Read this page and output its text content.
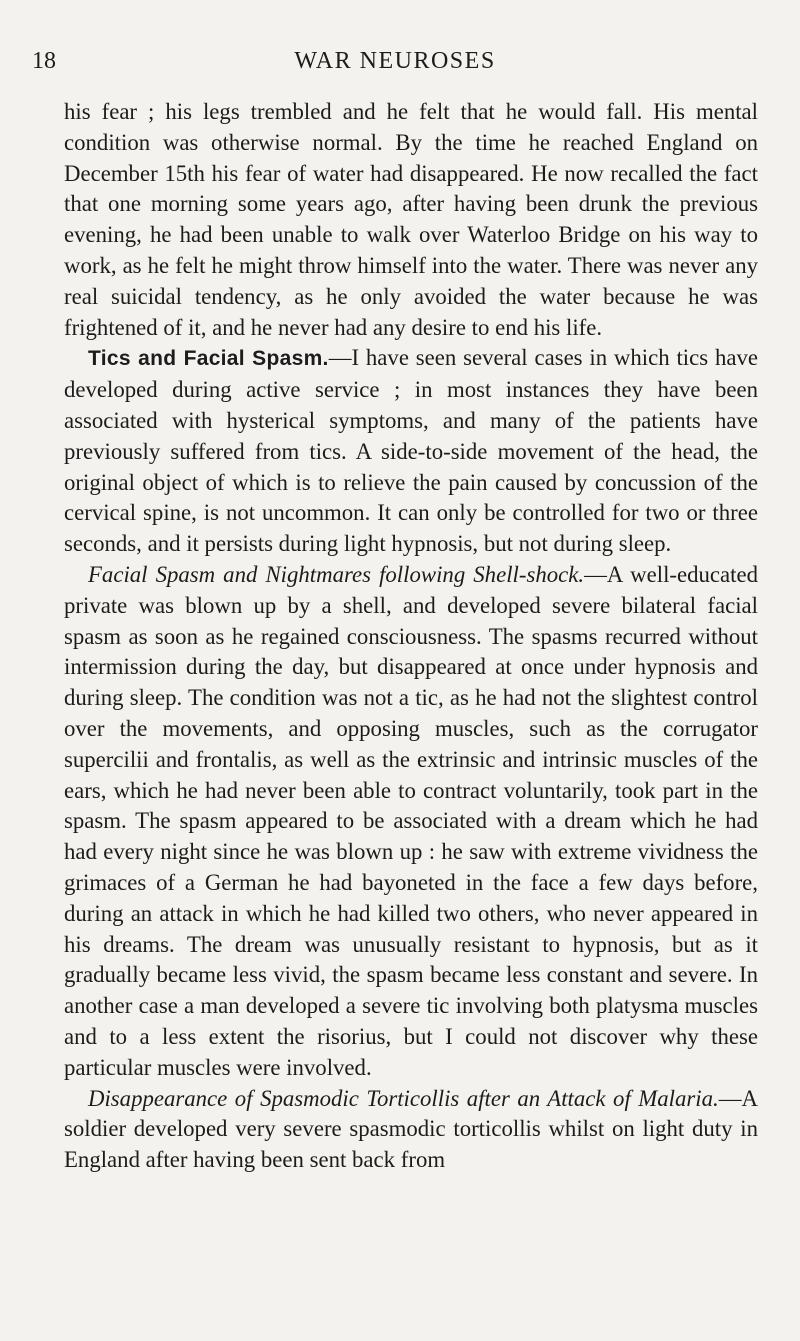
18	WAR NEUROSES

his fear ; his legs trembled and he felt that he would fall. His mental condition was otherwise normal. By the time he reached England on December 15th his fear of water had disappeared. He now recalled the fact that one morning some years ago, after having been drunk the previous evening, he had been unable to walk over Waterloo Bridge on his way to work, as he felt he might throw himself into the water. There was never any real suicidal tendency, as he only avoided the water because he was frightened of it, and he never had any desire to end his life.

Tics and Facial Spasm.—I have seen several cases in which tics have developed during active service ; in most instances they have been associated with hysterical symptoms, and many of the patients have previously suffered from tics. A side-to-side movement of the head, the original object of which is to relieve the pain caused by concussion of the cervical spine, is not uncommon. It can only be controlled for two or three seconds, and it persists during light hypnosis, but not during sleep.

Facial Spasm and Nightmares following Shell-shock.—A well-educated private was blown up by a shell, and developed severe bilateral facial spasm as soon as he regained consciousness. The spasms recurred without intermission during the day, but disappeared at once under hypnosis and during sleep. The condition was not a tic, as he had not the slightest control over the movements, and opposing muscles, such as the corrugator supercilii and frontalis, as well as the extrinsic and intrinsic muscles of the ears, which he had never been able to contract voluntarily, took part in the spasm. The spasm appeared to be associated with a dream which he had had every night since he was blown up : he saw with extreme vividness the grimaces of a German he had bayoneted in the face a few days before, during an attack in which he had killed two others, who never appeared in his dreams. The dream was unusually resistant to hypnosis, but as it gradually became less vivid, the spasm became less constant and severe. In another case a man developed a severe tic involving both platysma muscles and to a less extent the risorius, but I could not discover why these particular muscles were involved.

Disappearance of Spasmodic Torticollis after an Attack of Malaria.—A soldier developed very severe spasmodic torticollis whilst on light duty in England after having been sent back from
